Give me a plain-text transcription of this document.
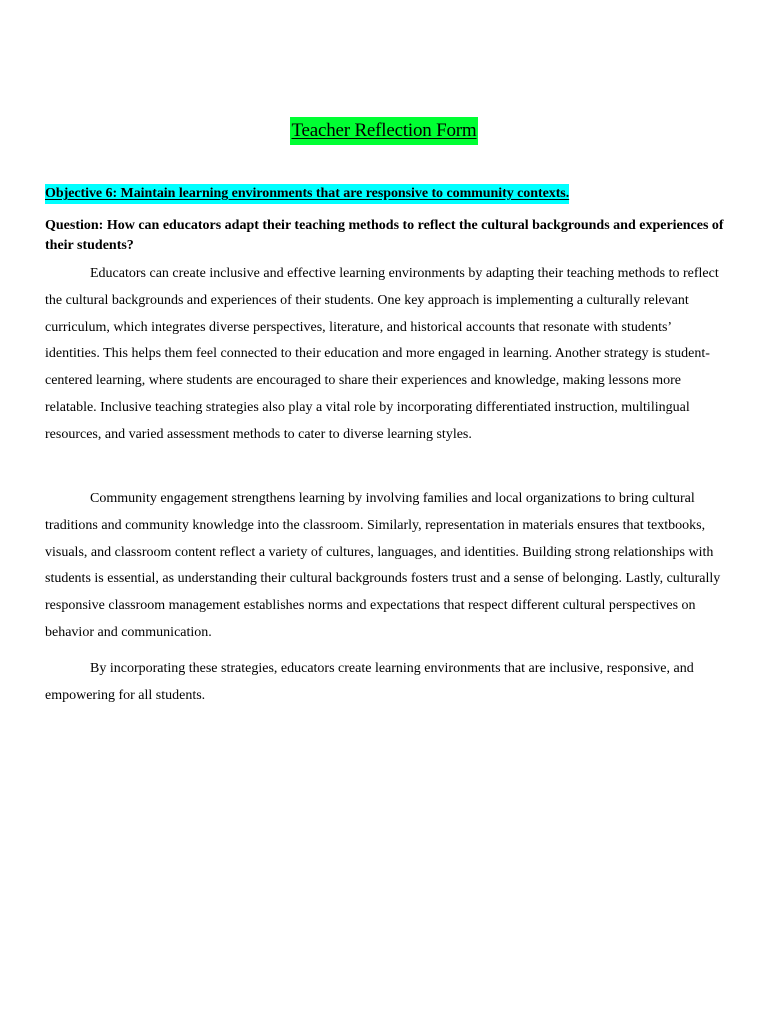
Teacher Reflection Form
Objective 6: Maintain learning environments that are responsive to community contexts.
Question: How can educators adapt their teaching methods to reflect the cultural backgrounds and experiences of their students?

Educators can create inclusive and effective learning environments by adapting their teaching methods to reflect the cultural backgrounds and experiences of their students. One key approach is implementing a culturally relevant curriculum, which integrates diverse perspectives, literature, and historical accounts that resonate with students’ identities. This helps them feel connected to their education and more engaged in learning. Another strategy is student-centered learning, where students are encouraged to share their experiences and knowledge, making lessons more relatable. Inclusive teaching strategies also play a vital role by incorporating differentiated instruction, multilingual resources, and varied assessment methods to cater to diverse learning styles.

Community engagement strengthens learning by involving families and local organizations to bring cultural traditions and community knowledge into the classroom. Similarly, representation in materials ensures that textbooks, visuals, and classroom content reflect a variety of cultures, languages, and identities. Building strong relationships with students is essential, as understanding their cultural backgrounds fosters trust and a sense of belonging. Lastly, culturally responsive classroom management establishes norms and expectations that respect different cultural perspectives on behavior and communication.

By incorporating these strategies, educators create learning environments that are inclusive, responsive, and empowering for all students.
